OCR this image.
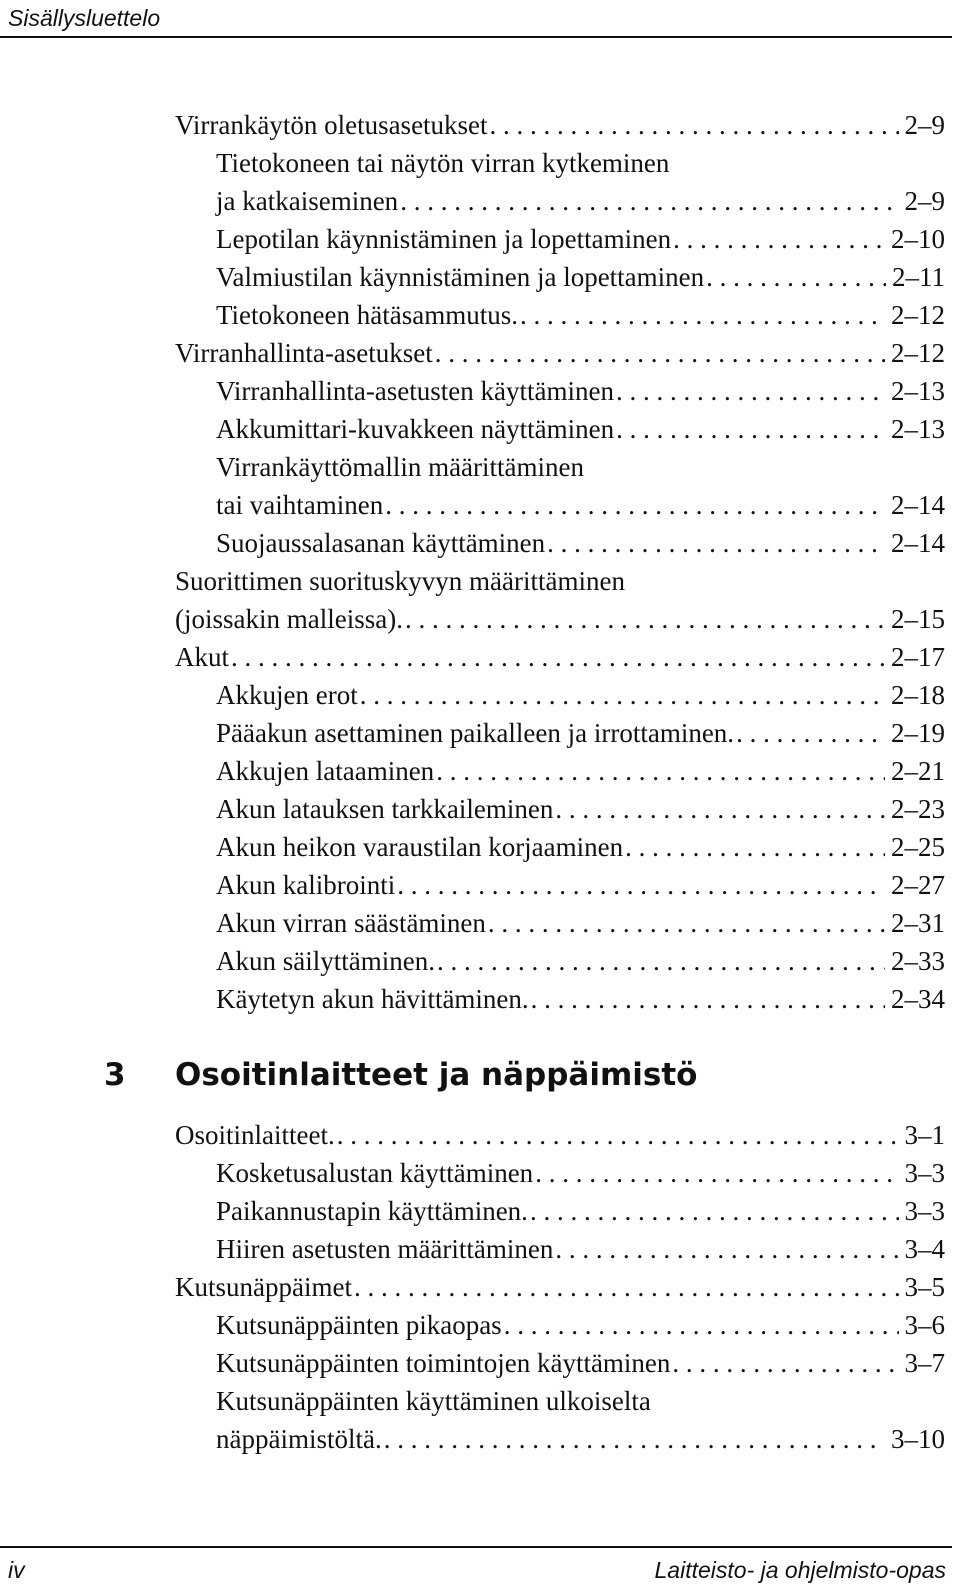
Sisällysluettelo
Virrankäytön oletusasetukset . . .	2–9
Tietokoneen tai näytön virran kytkeminen
ja katkaiseminen . . .	2–9
Lepotilan käynnistäminen ja lopettaminen . . .	2–10
Valmiustilan käynnistäminen ja lopettaminen . . .	2–11
Tietokoneen hätäsammutus. . . .	2–12
Virranhallinta-asetukset . . .	2–12
Virranhallinta-asetusten käyttäminen . . .	2–13
Akkumittari-kuvakkeen näyttäminen . . .	2–13
Virrankäyttömallin määrittäminen
tai vaihtaminen . . .	2–14
Suojaussalasanan käyttäminen . . .	2–14
Suorittimen suorituskyvyn määrittäminen
(joissakin malleissa). . . .	2–15
Akut . . .	2–17
Akkujen erot . . .	2–18
Pääakun asettaminen paikalleen ja irrottaminen. . . .	2–19
Akkujen lataaminen . . .	2–21
Akun latauksen tarkkaileminen . . .	2–23
Akun heikon varaustilan korjaaminen . . .	2–25
Akun kalibrointi . . .	2–27
Akun virran säästäminen . . .	2–31
Akun säilyttäminen. . . .	2–33
Käytetyn akun hävittäminen. . . .	2–34
3 Osoitinlaitteet ja näppäimistö
Osoitinlaitteet. . . .	3–1
Kosketusalustan käyttäminen . . .	3–3
Paikannustapin käyttäminen. . . .	3–3
Hiiren asetusten määrittäminen . . .	3–4
Kutsunäppäimet . . .	3–5
Kutsunäppäinten pikaopas . . .	3–6
Kutsunäppäinten toimintojen käyttäminen . . .	3–7
Kutsunäppäinten käyttäminen ulkoiselta
näppäimistöltä. . . .	3–10
iv	Laitteisto- ja ohjelmisto-opas
